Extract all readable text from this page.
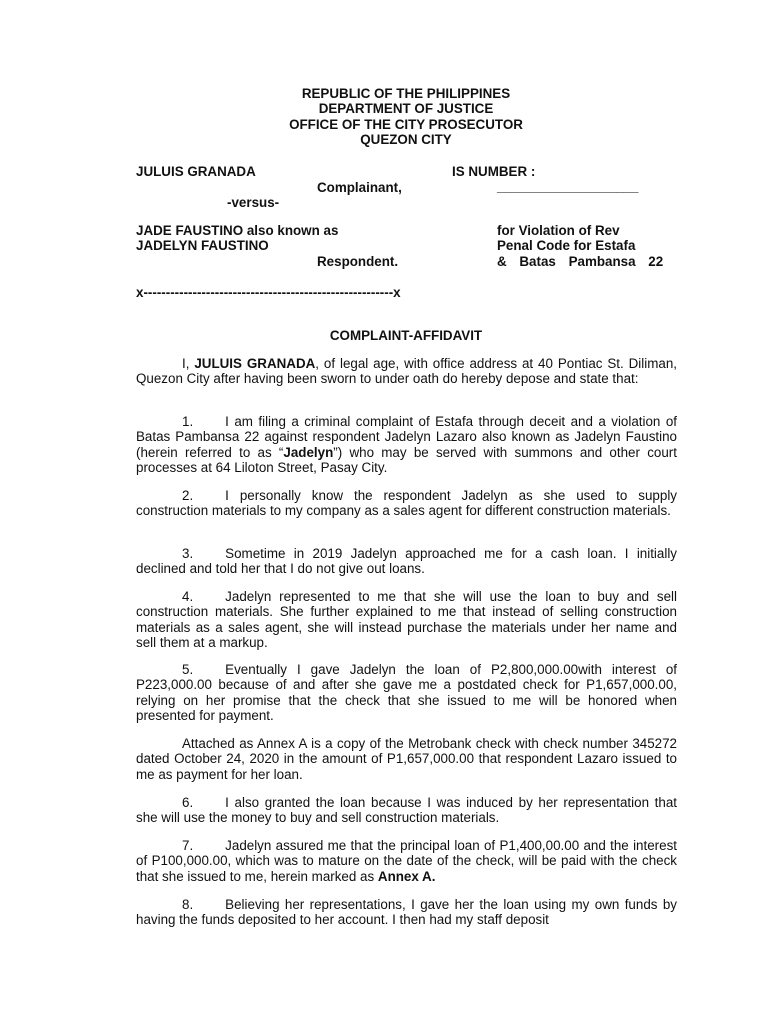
REPUBLIC OF THE PHILIPPINES
DEPARTMENT OF JUSTICE
OFFICE OF THE CITY PROSECUTOR
QUEZON CITY
JULUIS GRANADA	IS NUMBER :
Complainant,	___________________
-versus-
JADE FAUSTINO also known as
JADELYN FAUSTINO
Respondent.
for Violation of Rev
Penal Code for Estafa
& Batas Pambansa 22
x--------------------------------------------------------x
COMPLAINT-AFFIDAVIT
I, JULUIS GRANADA, of legal age, with office address at 40 Pontiac St. Diliman, Quezon City after having been sworn to under oath do hereby depose and state that:
1. I am filing a criminal complaint of Estafa through deceit and a violation of Batas Pambansa 22 against respondent Jadelyn Lazaro also known as Jadelyn Faustino (herein referred to as “Jadelyn”) who may be served with summons and other court processes at 64 Liloton Street, Pasay City.
2. I personally know the respondent Jadelyn as she used to supply construction materials to my company as a sales agent for different construction materials.
3. Sometime in 2019 Jadelyn approached me for a cash loan. I initially declined and told her that I do not give out loans.
4. Jadelyn represented to me that she will use the loan to buy and sell construction materials. She further explained to me that instead of selling construction materials as a sales agent, she will instead purchase the materials under her name and sell them at a markup.
5. Eventually I gave Jadelyn the loan of P2,800,000.00with interest of P223,000.00 because of and after she gave me a postdated check for P1,657,000.00, relying on her promise that the check that she issued to me will be honored when presented for payment.
Attached as Annex A is a copy of the Metrobank check with check number 345272 dated October 24, 2020 in the amount of P1,657,000.00 that respondent Lazaro issued to me as payment for her loan.
6. I also granted the loan because I was induced by her representation that she will use the money to buy and sell construction materials.
7. Jadelyn assured me that the principal loan of P1,400,00.00 and the interest of P100,000.00, which was to mature on the date of the check, will be paid with the check that she issued to me, herein marked as Annex A.
8. Believing her representations, I gave her the loan using my own funds by having the funds deposited to her account. I then had my staff deposit
